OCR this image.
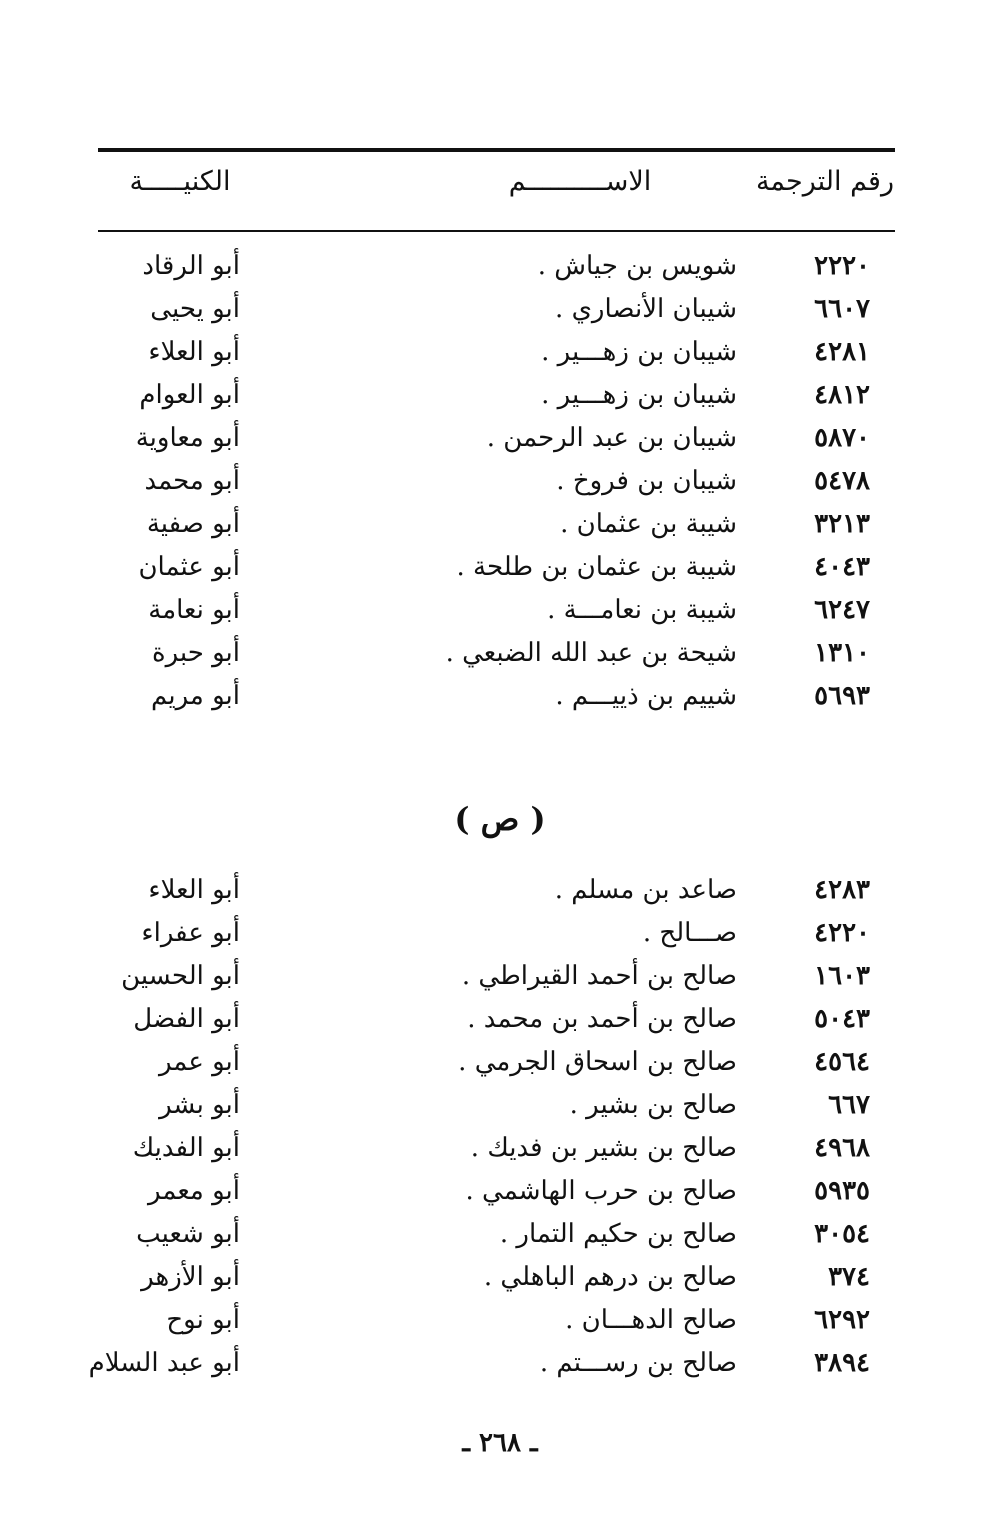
رقم الترجمة
الاســــــــــم
الكنيـــــة
٢٢٢٠
شويس بن جياش .
أبو الرقاد
٦٦٠٧
شيبان الأنصاري .
أبو يحيى
٤٢٨١
شيبان بن زهـــير .
أبو العلاء
٤٨١٢
شيبان بن زهـــير .
أبو العوام
٥٨٧٠
شيبان بن عبد الرحمن .
أبو معاوية
٥٤٧٨
شيبان بن فروخ .
أبو محمد
٣٢١٣
شيبة بن عثمان .
أبو صفية
٤٠٤٣
شيبة بن عثمان بن طلحة .
أبو عثمان
٦٢٤٧
شيبة بن نعامـــة .
أبو نعامة
١٣١٠
شيحة بن عبد الله الضبعي .
أبو حبرة
٥٦٩٣
شييم بن ذييـــم .
أبو مريم
( ص )
٤٢٨٣
صاعد بن مسلم .
أبو العلاء
٤٢٢٠
صـــالح .
أبو عفراء
١٦٠٣
صالح بن أحمد القيراطي .
أبو الحسين
٥٠٤٣
صالح بن أحمد بن محمد .
أبو الفضل
٤٥٦٤
صالح بن اسحاق الجرمي .
أبو عمر
٦٦٧
صالح بن بشير .
أبو بشر
٤٩٦٨
صالح بن بشير بن فديك .
أبو الفديك
٥٩٣٥
صالح بن حرب الهاشمي .
أبو معمر
٣٠٥٤
صالح بن حكيم التمار .
أبو شعيب
٣٧٤
صالح بن درهم الباهلي .
أبو الأزهر
٦٢٩٢
صالح الدهـــان .
أبو نوح
٣٨٩٤
صالح بن رســـتم .
أبو عبد السلام
ـ ٢٦٨ ـ
